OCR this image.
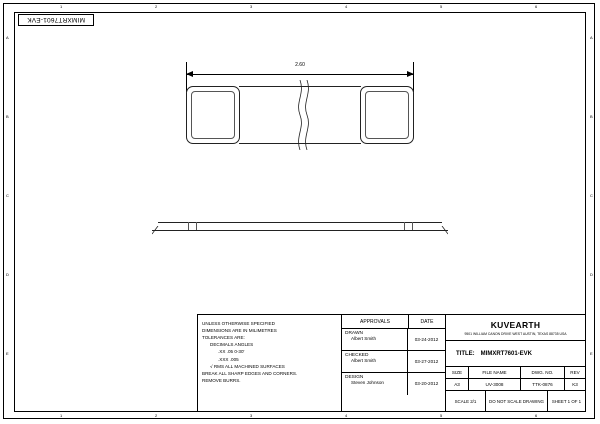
1	2	3	4	5	6
1	2	3	4	5	6
A
B
C
D
E
A
B
C
D
E
MIMXRT7601-EVK
2.60
UNLESS OTHERWISE SPECIFIED
DIMENSIONS ARE IN MILIMETRES
TOLERANCES ARE:
DECIMALS ANGLES
.XX .05 0-30'
.XXX .005
√ RMS ALL MACHINED SURFACES
BREAK ALL SHARP EDGES AND CORNERS.
REMOVE BURRS.
APPROVALS	DATE
DRAWN
Albert Smith	03-24-2012
CHECKED
Albert Smith	03-27-2012
DESIGN
Steven Johnson	03-20-2012
KUVEARTH
9501 WILLIAM CANON DRIVE WEST AUSTIN, TEXAS 88735 USA
TITLE: MIMXRT7601-EVK
SIZE	FILE NAME	DWG. NO.	REV
A3	UV-3008	TTK-0876	K3
SCALE 2/1	DO NOT SCALE DRAWING	SHEET 1 OF 1
